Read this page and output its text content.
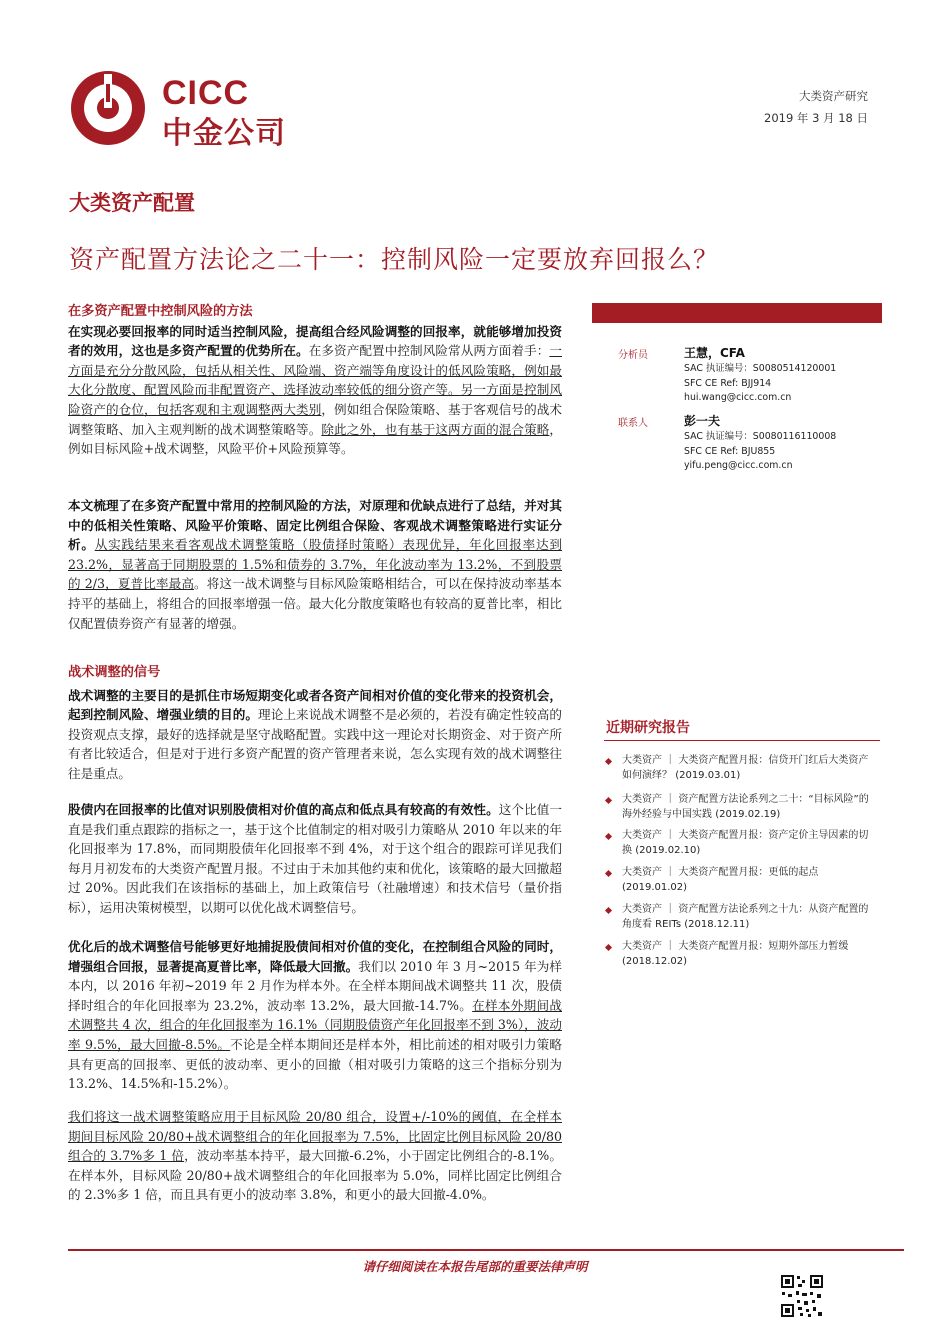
CICC
中金公司
大类资产研究
2019 年 3 月 18 日
大类资产配置
资产配置方法论之二十一：控制风险一定要放弃回报么？
分析员	王慧，CFA
SAC 执证编号：S0080514120001
SFC CE Ref: BJJ914
hui.wang@cicc.com.cn
联系人	彭一夫
SAC 执证编号：S0080116110008
SFC CE Ref: BJU855
yifu.peng@cicc.com.cn
近期研究报告
大类资产 ｜ 大类资产配置月报：信贷开门红后大类资产如何演绎？ (2019.03.01)
大类资产 ｜ 资产配置方法论系列之二十：“目标风险”的海外经验与中国实践 (2019.02.19)
大类资产 ｜ 大类资产配置月报：资产定价主导因素的切换 (2019.02.10)
大类资产 ｜ 大类资产配置月报：更低的起点 (2019.01.02)
大类资产 ｜ 资产配置方法论系列之十九：从资产配置的角度看 REITs (2018.12.11)
大类资产 ｜ 大类资产配置月报：短期外部压力暂缓 (2018.12.02)
在多资产配置中控制风险的方法

在实现必要回报率的同时适当控制风险，提高组合经风险调整的回报率，就能够增加投资者的效用，这也是多资产配置的优势所在。在多资产配置中控制风险常从两方面着手：一方面是充分分散风险，包括从相关性、风险端、资产端等角度设计的低风险策略，例如最大化分散度、配置风险而非配置资产、选择波动率较低的细分资产等。另一方面是控制风险资产的仓位，包括客观和主观调整两大类别，例如组合保险策略、基于客观信号的战术调整策略、加入主观判断的战术调整策略等。除此之外，也有基于这两方面的混合策略，例如目标风险+战术调整，风险平价+风险预算等。

本文梳理了在多资产配置中常用的控制风险的方法，对原理和优缺点进行了总结，并对其中的低相关性策略、风险平价策略、固定比例组合保险、客观战术调整策略进行实证分析。从实践结果来看客观战术调整策略（股债择时策略）表现优异，年化回报率达到 23.2%，显著高于同期股票的 1.5%和债券的 3.7%，年化波动率为 13.2%，不到股票的 2/3，夏普比率最高。将这一战术调整与目标风险策略相结合，可以在保持波动率基本持平的基础上，将组合的回报率增强一倍。最大化分散度策略也有较高的夏普比率，相比仅配置债券资产有显著的增强。

战术调整的信号

战术调整的主要目的是抓住市场短期变化或者各资产间相对价值的变化带来的投资机会，起到控制风险、增强业绩的目的。理论上来说战术调整不是必须的，若没有确定性较高的投资观点支撑，最好的选择就是坚守战略配置。实践中这一理论对长期资金、对于资产所有者比较适合，但是对于进行多资产配置的资产管理者来说，怎么实现有效的战术调整往往是重点。

股债内在回报率的比值对识别股债相对价值的高点和低点具有较高的有效性。这个比值一直是我们重点跟踪的指标之一，基于这个比值制定的相对吸引力策略从 2010 年以来的年化回报率为 17.8%，而同期股债年化回报率不到 4%，对于这个组合的跟踪可详见我们每月月初发布的大类资产配置月报。不过由于未加其他约束和优化，该策略的最大回撤超过 20%。因此我们在该指标的基础上，加上政策信号（社融增速）和技术信号（量价指标），运用决策树模型，以期可以优化战术调整信号。

优化后的战术调整信号能够更好地捕捉股债间相对价值的变化，在控制组合风险的同时，增强组合回报，显著提高夏普比率，降低最大回撤。我们以 2010 年 3 月~2015 年为样本内，以 2016 年初~2019 年 2 月作为样本外。在全样本期间战术调整共 11 次，股债择时组合的年化回报率为 23.2%，波动率 13.2%，最大回撤-14.7%。在样本外期间战术调整共 4 次，组合的年化回报率为 16.1%（同期股债资产年化回报率不到 3%），波动率 9.5%，最大回撤-8.5%。不论是全样本期间还是样本外，相比前述的相对吸引力策略具有更高的回报率、更低的波动率、更小的回撤（相对吸引力策略的这三个指标分别为 13.2%、14.5%和-15.2%）。

我们将这一战术调整策略应用于目标风险 20/80 组合，设置+/-10%的阈值，在全样本期间目标风险 20/80+战术调整组合的年化回报率为 7.5%，比固定比例目标风险 20/80 组合的 3.7%多 1 倍，波动率基本持平，最大回撤-6.2%，小于固定比例组合的-8.1%。在样本外，目标风险 20/80+战术调整组合的年化回报率为 5.0%，同样比固定比例组合的 2.3%多 1 倍，而且具有更小的波动率 3.8%，和更小的最大回撤-4.0%。

请仔细阅读在本报告尾部的重要法律声明
